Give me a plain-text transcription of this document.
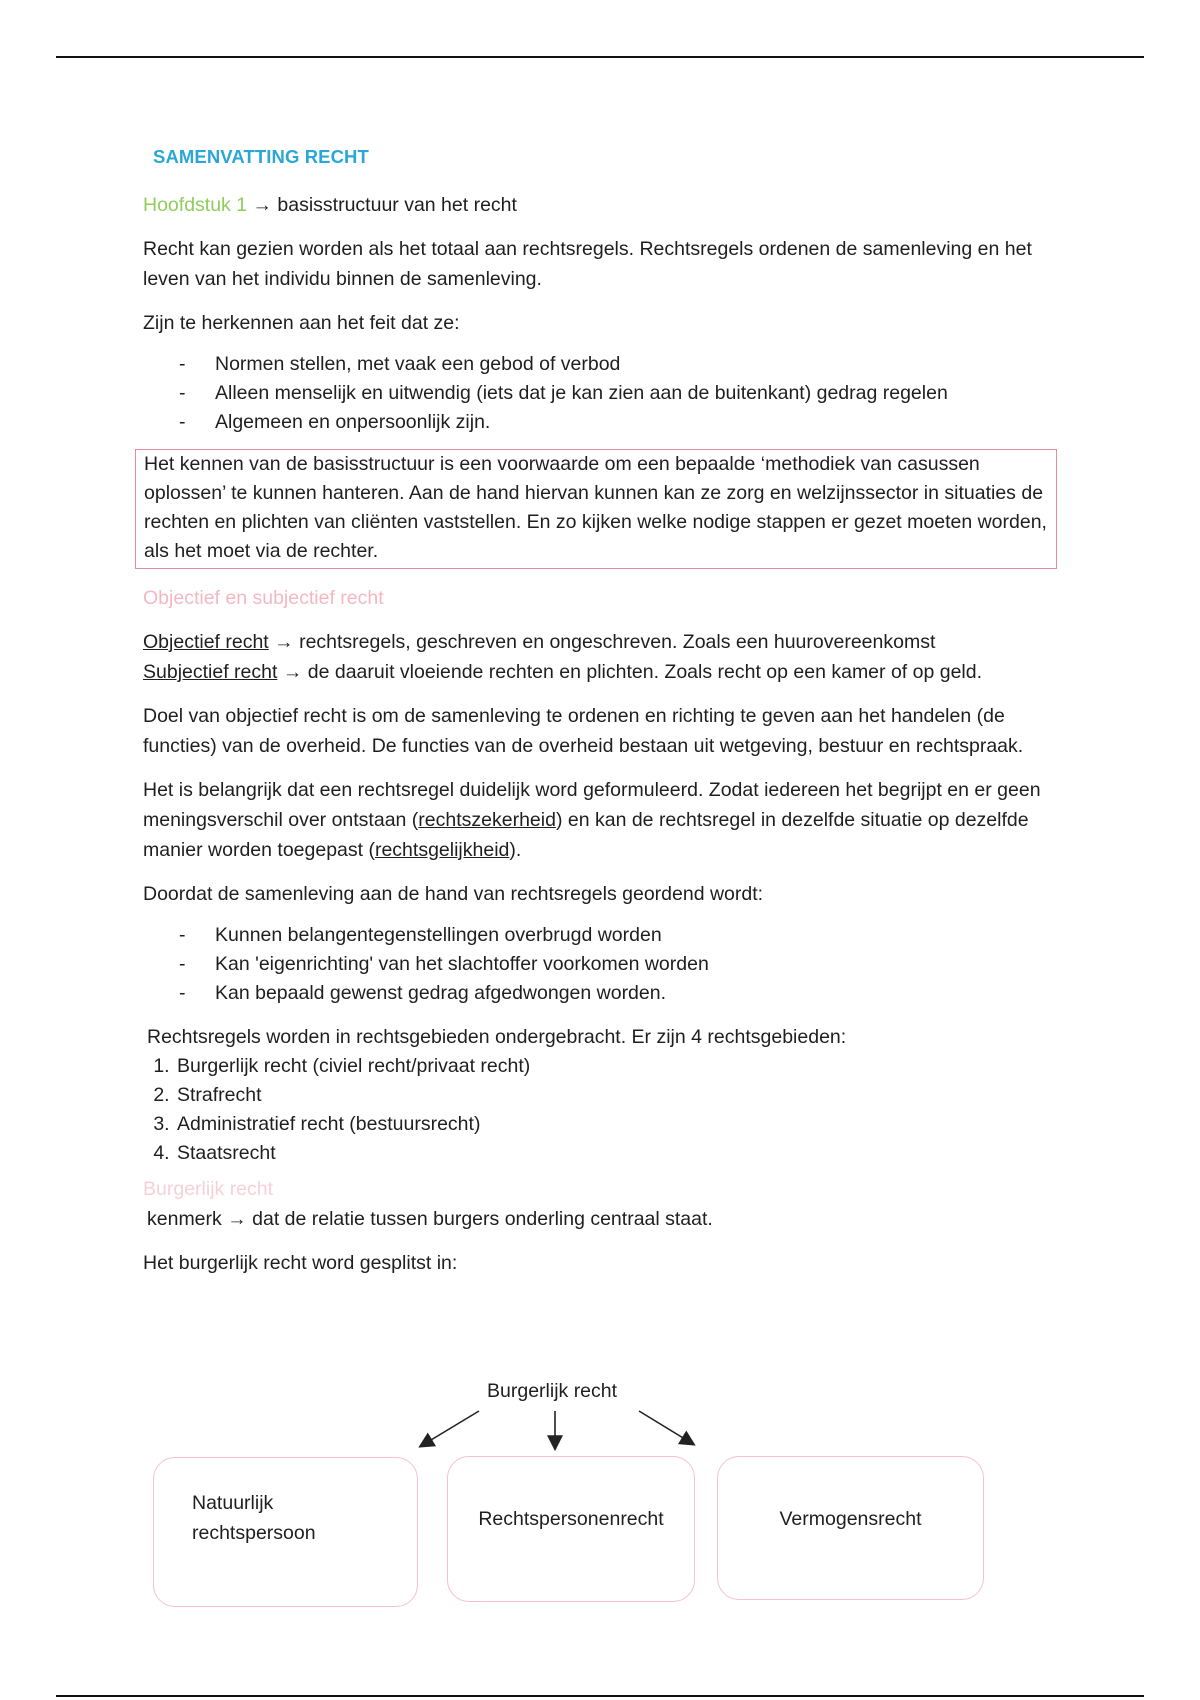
SAMENVATTING RECHT

Hoofdstuk 1 → basisstructuur van het recht

Recht kan gezien worden als het totaal aan rechtsregels. Rechtsregels ordenen de samenleving en het leven van het individu binnen de samenleving.

Zijn te herkennen aan het feit dat ze:

- Normen stellen, met vaak een gebod of verbod
- Alleen menselijk en uitwendig (iets dat je kan zien aan de buitenkant) gedrag regelen
- Algemeen en onpersoonlijk zijn.

Het kennen van de basisstructuur is een voorwaarde om een bepaalde ‘methodiek van casussen oplossen’ te kunnen hanteren. Aan de hand hiervan kunnen kan ze zorg en welzijnssector in situaties de rechten en plichten van cliënten vaststellen. En zo kijken welke nodige stappen er gezet moeten worden, als het moet via de rechter.

Objectief en subjectief recht

Objectief recht → rechtsregels, geschreven en ongeschreven. Zoals een huurovereenkomst

Subjectief recht → de daaruit vloeiende rechten en plichten. Zoals recht op een kamer of op geld.

Doel van objectief recht is om de samenleving te ordenen en richting te geven aan het handelen (de functies) van de overheid. De functies van de overheid bestaan uit wetgeving, bestuur en rechtspraak.

Het is belangrijk dat een rechtsregel duidelijk word geformuleerd. Zodat iedereen het begrijpt en er geen meningsverschil over ontstaan (rechtszekerheid) en kan de rechtsregel in dezelfde situatie op dezelfde manier worden toegepast (rechtsgelijkheid).

Doordat de samenleving aan de hand van rechtsregels geordend wordt:

- Kunnen belangentegenstellingen overbrugd worden
- Kan 'eigenrichting' van het slachtoffer voorkomen worden
- Kan bepaald gewenst gedrag afgedwongen worden.

Rechtsregels worden in rechtsgebieden ondergebracht. Er zijn 4 rechtsgebieden:

1. Burgerlijk recht (civiel recht/privaat recht)
2. Strafrecht
3. Administratief recht (bestuursrecht)
4. Staatsrecht

Burgerlijk recht

kenmerk → dat de relatie tussen burgers onderling centraal staat.

Het burgerlijk recht word gesplitst in:

Burgerlijk recht
Natuurlijk rechtspersoon
Rechtspersonenrecht	Vermogensrecht
